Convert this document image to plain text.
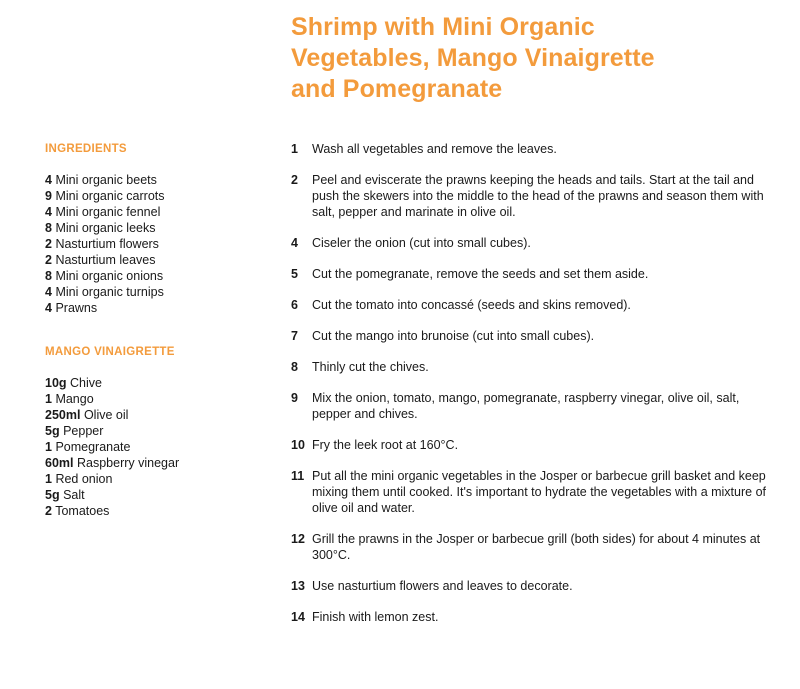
Shrimp with Mini Organic
Vegetables, Mango Vinaigrette
and Pomegranate
INGREDIENTS
4 Mini organic beets
9 Mini organic carrots
4 Mini organic fennel
8 Mini organic leeks
2 Nasturtium flowers
2 Nasturtium leaves
8 Mini organic onions
4 Mini organic turnips
4 Prawns
MANGO VINAIGRETTE
10g Chive
1 Mango
250ml Olive oil
5g Pepper
1 Pomegranate
60ml Raspberry vinegar
1 Red onion
5g Salt
2 Tomatoes
1 Wash all vegetables and remove the leaves.
2 Peel and eviscerate the prawns keeping the heads and tails. Start at the tail and push the skewers into the middle to the head of the prawns and season them with salt, pepper and marinate in olive oil.
4 Ciseler the onion (cut into small cubes).
5 Cut the pomegranate, remove the seeds and set them aside.
6 Cut the tomato into concassé (seeds and skins removed).
7 Cut the mango into brunoise (cut into small cubes).
8 Thinly cut the chives.
9 Mix the onion, tomato, mango, pomegranate, raspberry vinegar, olive oil, salt, pepper and chives.
10 Fry the leek root at 160°C.
11 Put all the mini organic vegetables in the Josper or barbecue grill basket and keep mixing them until cooked. It's important to hydrate the vegetables with a mixture of olive oil and water.
12 Grill the prawns in the Josper or barbecue grill (both sides) for about 4 minutes at 300°C.
13 Use nasturtium flowers and leaves to decorate.
14 Finish with lemon zest.
